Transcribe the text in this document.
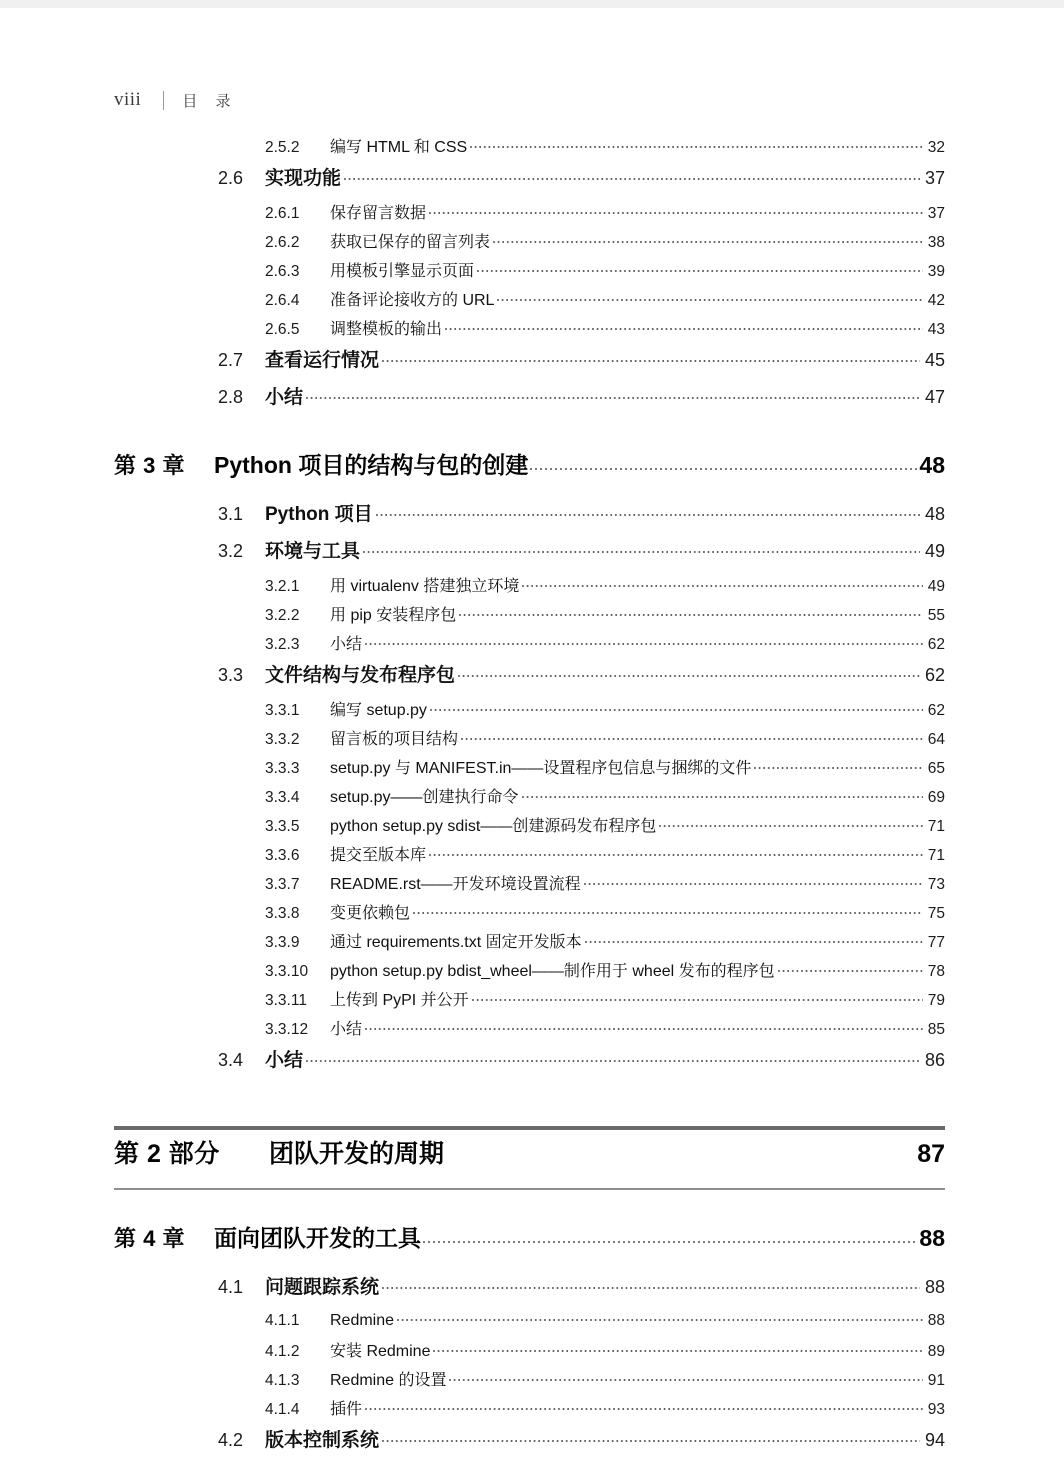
viii	目 录
2.5.2	编写 HTML 和 CSS	32
2.6	实现功能	37
2.6.1	保存留言数据	37
2.6.2	获取已保存的留言列表	38
2.6.3	用模板引擎显示页面	39
2.6.4	准备评论接收方的 URL	42
2.6.5	调整模板的输出	43
2.7	查看运行情况	45
2.8	小结	47
第 3 章	Python 项目的结构与包的创建	48
3.1	Python 项目	48
3.2	环境与工具	49
3.2.1	用 virtualenv 搭建独立环境	49
3.2.2	用 pip 安装程序包	55
3.2.3	小结	62
3.3	文件结构与发布程序包	62
3.3.1	编写 setup.py	62
3.3.2	留言板的项目结构	64
3.3.3	setup.py 与 MANIFEST.in——设置程序包信息与捆绑的文件	65
3.3.4	setup.py——创建执行命令	69
3.3.5	python setup.py sdist——创建源码发布程序包	71
3.3.6	提交至版本库	71
3.3.7	README.rst——开发环境设置流程	73
3.3.8	变更依赖包	75
3.3.9	通过 requirements.txt 固定开发版本	77
3.3.10	python setup.py bdist_wheel——制作用于 wheel 发布的程序包	78
3.3.11	上传到 PyPI 并公开	79
3.3.12	小结	85
3.4	小结	86
第 2 部分	团队开发的周期	87
第 4 章	面向团队开发的工具	88
4.1	问题跟踪系统	88
4.1.1	Redmine	88
4.1.2	安装 Redmine	89
4.1.3	Redmine 的设置	91
4.1.4	插件	93
4.2	版本控制系统	94
